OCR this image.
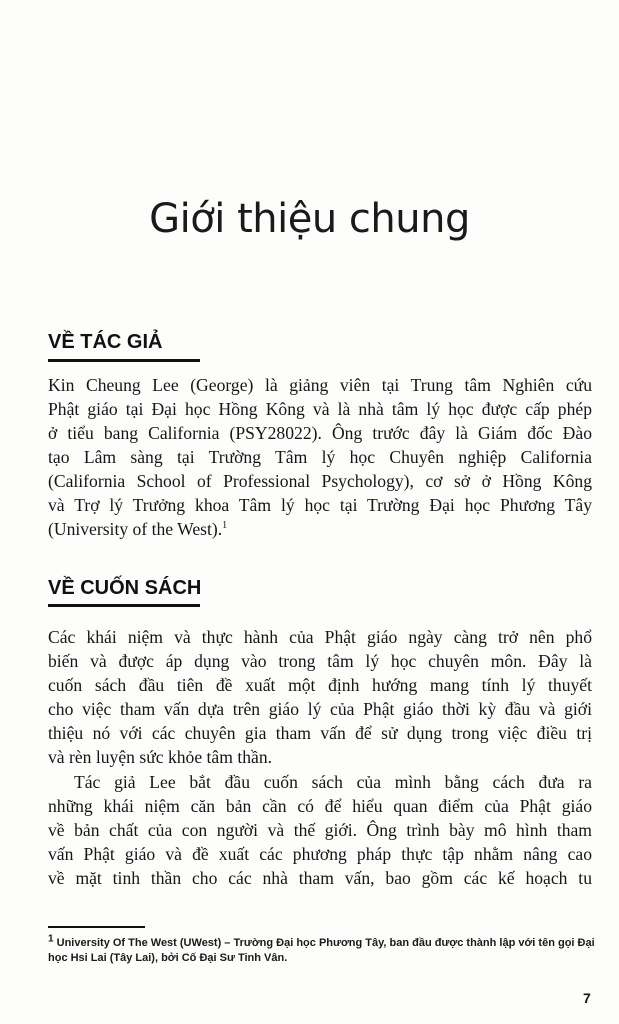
Giới thiệu chung
VỀ TÁC GIẢ
Kin Cheung Lee (George) là giảng viên tại Trung tâm Nghiên cứu
Phật giáo tại Đại học Hồng Kông và là nhà tâm lý học được cấp phép
ở tiểu bang California (PSY28022). Ông trước đây là Giám đốc Đào
tạo Lâm sàng tại Trường Tâm lý học Chuyên nghiệp California
(California School of Professional Psychology), cơ sở ở Hồng Kông
và Trợ lý Trưởng khoa Tâm lý học tại Trường Đại học Phương Tây
(University of the West).$^1$
VỀ CUỐN SÁCH
Các khái niệm và thực hành của Phật giáo ngày càng trở nên phổ
biến và được áp dụng vào trong tâm lý học chuyên môn. Đây là
cuốn sách đầu tiên đề xuất một định hướng mang tính lý thuyết
cho việc tham vấn dựa trên giáo lý của Phật giáo thời kỳ đầu và giới
thiệu nó với các chuyên gia tham vấn để sử dụng trong việc điều trị
và rèn luyện sức khỏe tâm thần.
Tác giả Lee bắt đầu cuốn sách của mình bằng cách đưa ra
những khái niệm căn bản cần có để hiểu quan điểm của Phật giáo
về bản chất của con người và thế giới. Ông trình bày mô hình tham
vấn Phật giáo và đề xuất các phương pháp thực tập nhằm nâng cao
về mặt tinh thần cho các nhà tham vấn, bao gồm các kế hoạch tu
$^1$ University Of The West (UWest) – Trường Đại học Phương Tây, ban đầu được thành lập với tên gọi Đại học Hsi Lai (Tây Lai), bởi Cố Đại Sư Tinh Vân.
7
